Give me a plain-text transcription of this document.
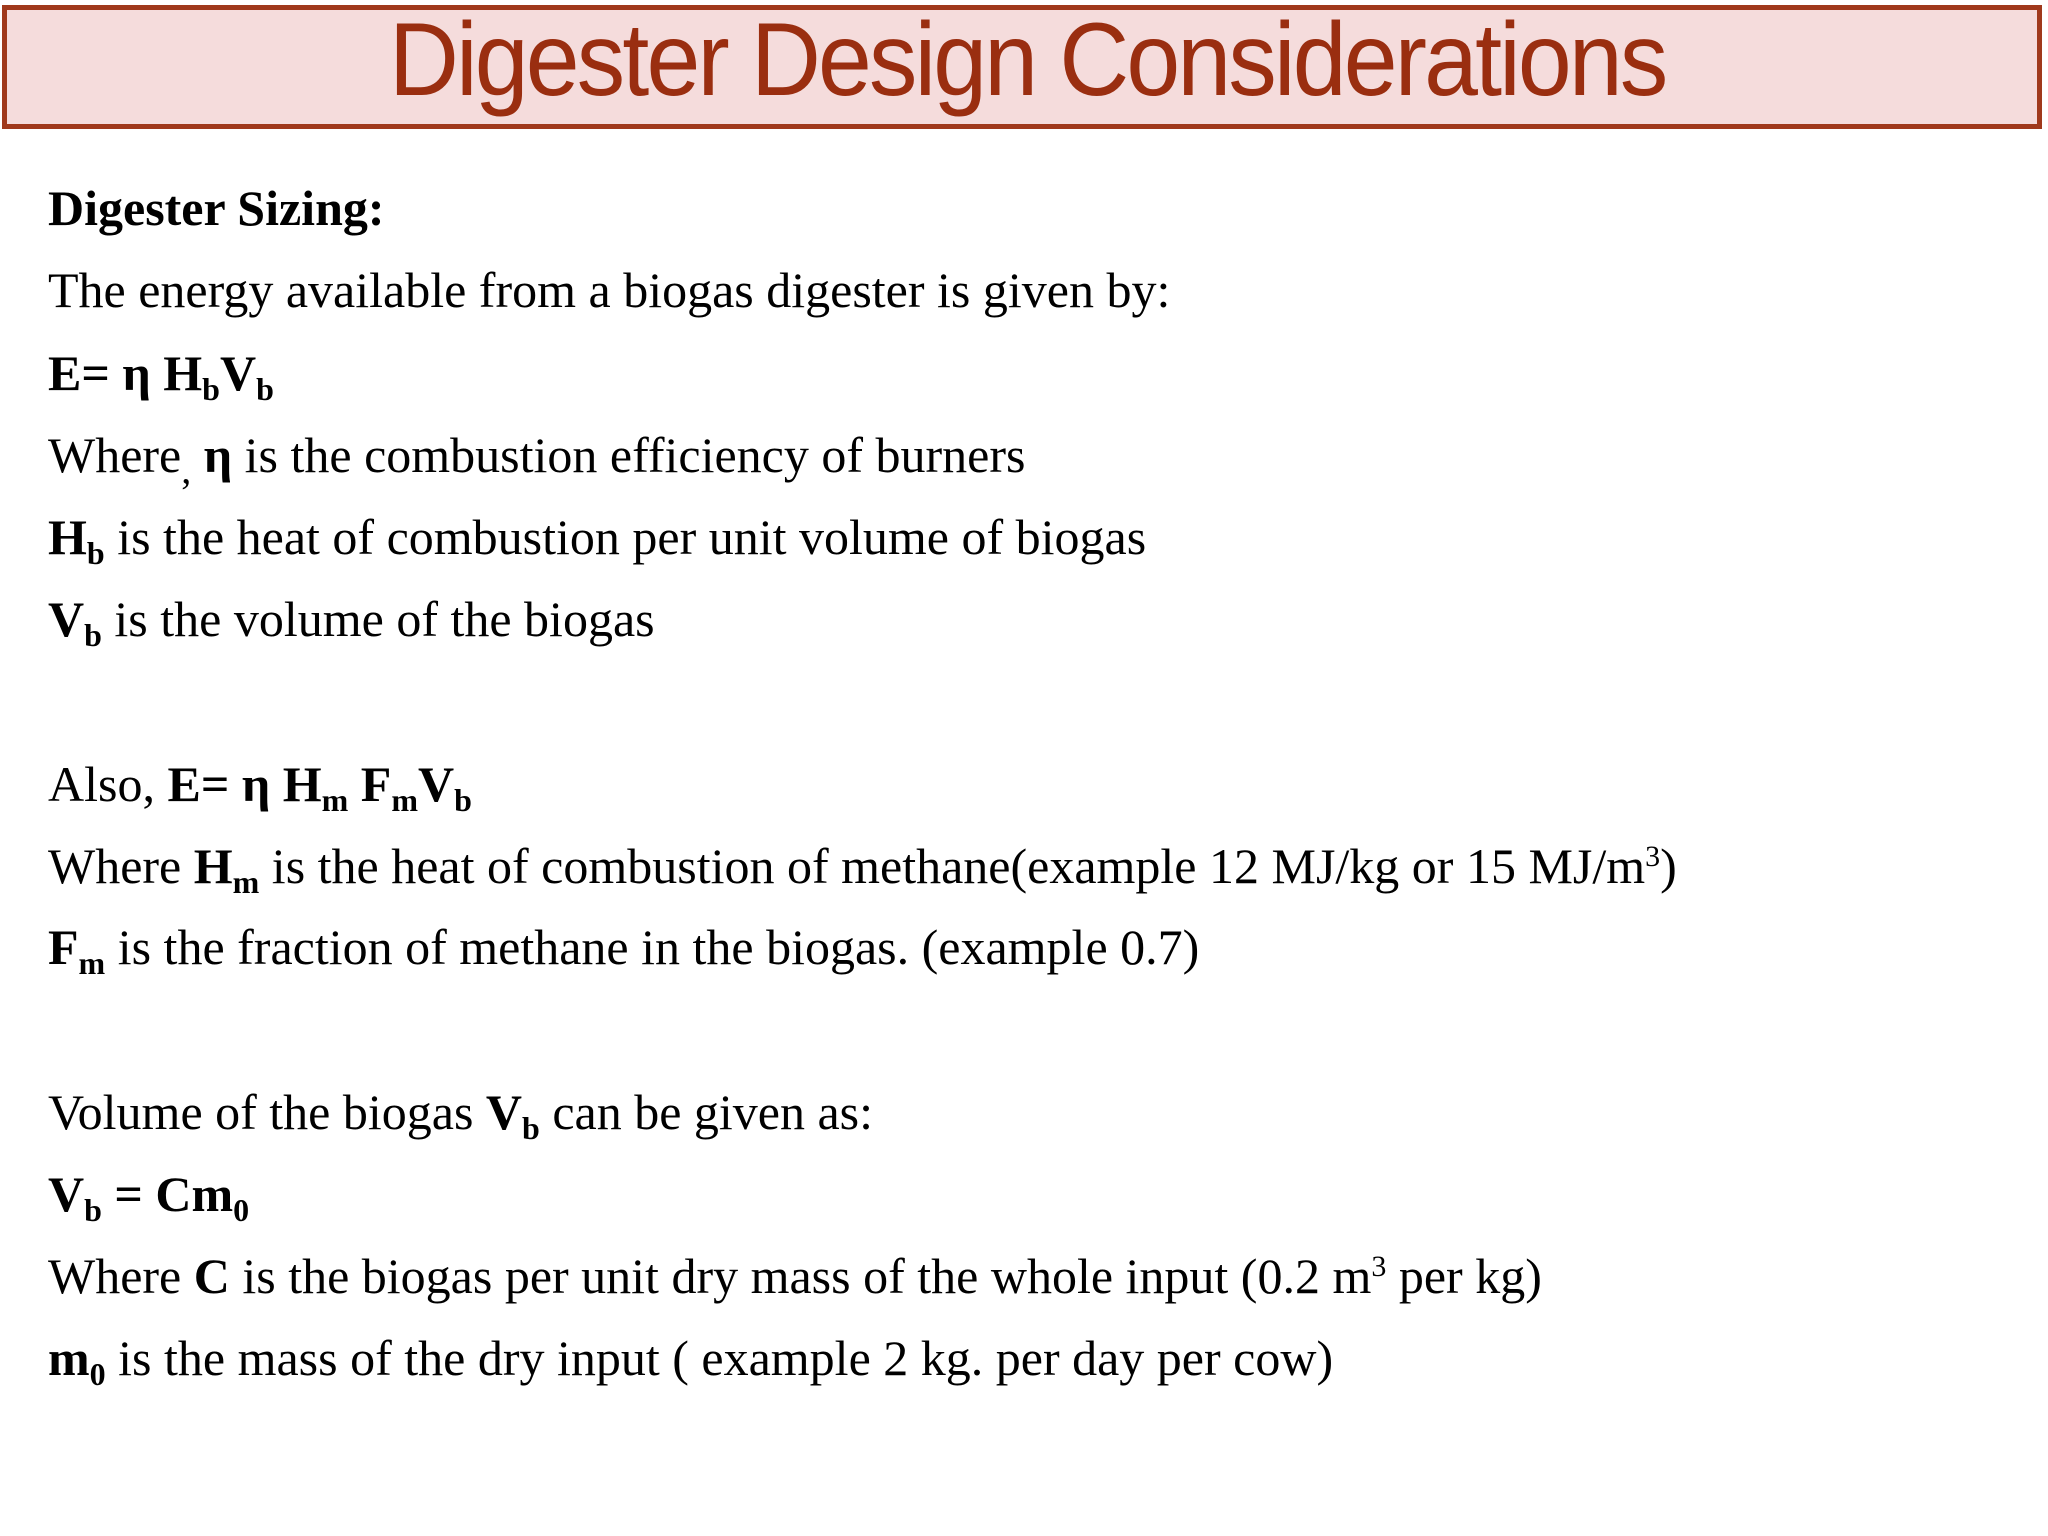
Digester Design Considerations
Digester Sizing:
The energy available from a biogas digester is given by:
E= η $H_bV_b$
Where$_,$ η is the combustion efficiency of burners
$H_b$ is the heat of combustion per unit volume of biogas
$V_b$ is the volume of the biogas
Also, E= η $H_m$ $F_mV_b$
Where $H_m$ is the heat of combustion of methane(example 12 MJ/kg or 15 $MJ/m^3$)
$F_m$ is the fraction of methane in the biogas. (example 0.7)
Volume of the biogas $V_b$ can be given as:
$V_b = Cm_0$
Where C is the biogas per unit dry mass of the whole input (0.2 $m^3$ per kg)
$m_0$ is the mass of the dry input ( example 2 kg. per day per cow)
